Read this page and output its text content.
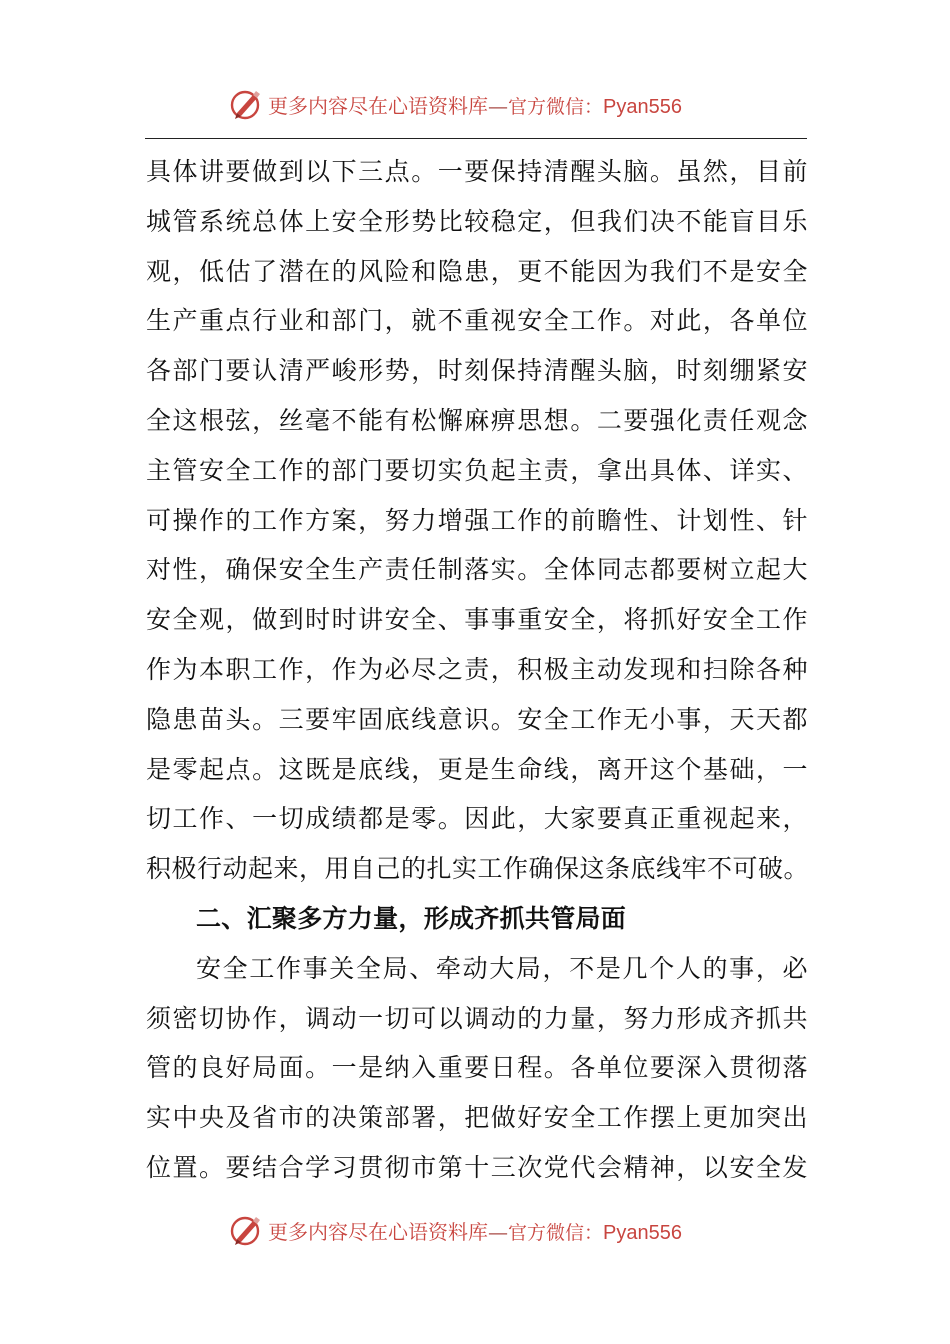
更多内容尽在心语资料库—官方微信：Pyan556
具体讲要做到以下三点。一要保持清醒头脑。虽然，目前
城管系统总体上安全形势比较稳定，但我们决不能盲目乐
观，低估了潜在的风险和隐患，更不能因为我们不是安全
生产重点行业和部门，就不重视安全工作。对此，各单位
各部门要认清严峻形势，时刻保持清醒头脑，时刻绷紧安
全这根弦，丝毫不能有松懈麻痹思想。二要强化责任观念
主管安全工作的部门要切实负起主责，拿出具体、详实、
可操作的工作方案，努力增强工作的前瞻性、计划性、针
对性，确保安全生产责任制落实。全体同志都要树立起大
安全观，做到时时讲安全、事事重安全，将抓好安全工作
作为本职工作，作为必尽之责，积极主动发现和扫除各种
隐患苗头。三要牢固底线意识。安全工作无小事，天天都
是零起点。这既是底线，更是生命线，离开这个基础，一
切工作、一切成绩都是零。因此，大家要真正重视起来，
积极行动起来，用自己的扎实工作确保这条底线牢不可破。
二、汇聚多方力量，形成齐抓共管局面
安全工作事关全局、牵动大局，不是几个人的事，必
须密切协作，调动一切可以调动的力量，努力形成齐抓共
管的良好局面。一是纳入重要日程。各单位要深入贯彻落
实中央及省市的决策部署，把做好安全工作摆上更加突出
位置。要结合学习贯彻市第十三次党代会精神，以安全发
更多内容尽在心语资料库—官方微信：Pyan556
